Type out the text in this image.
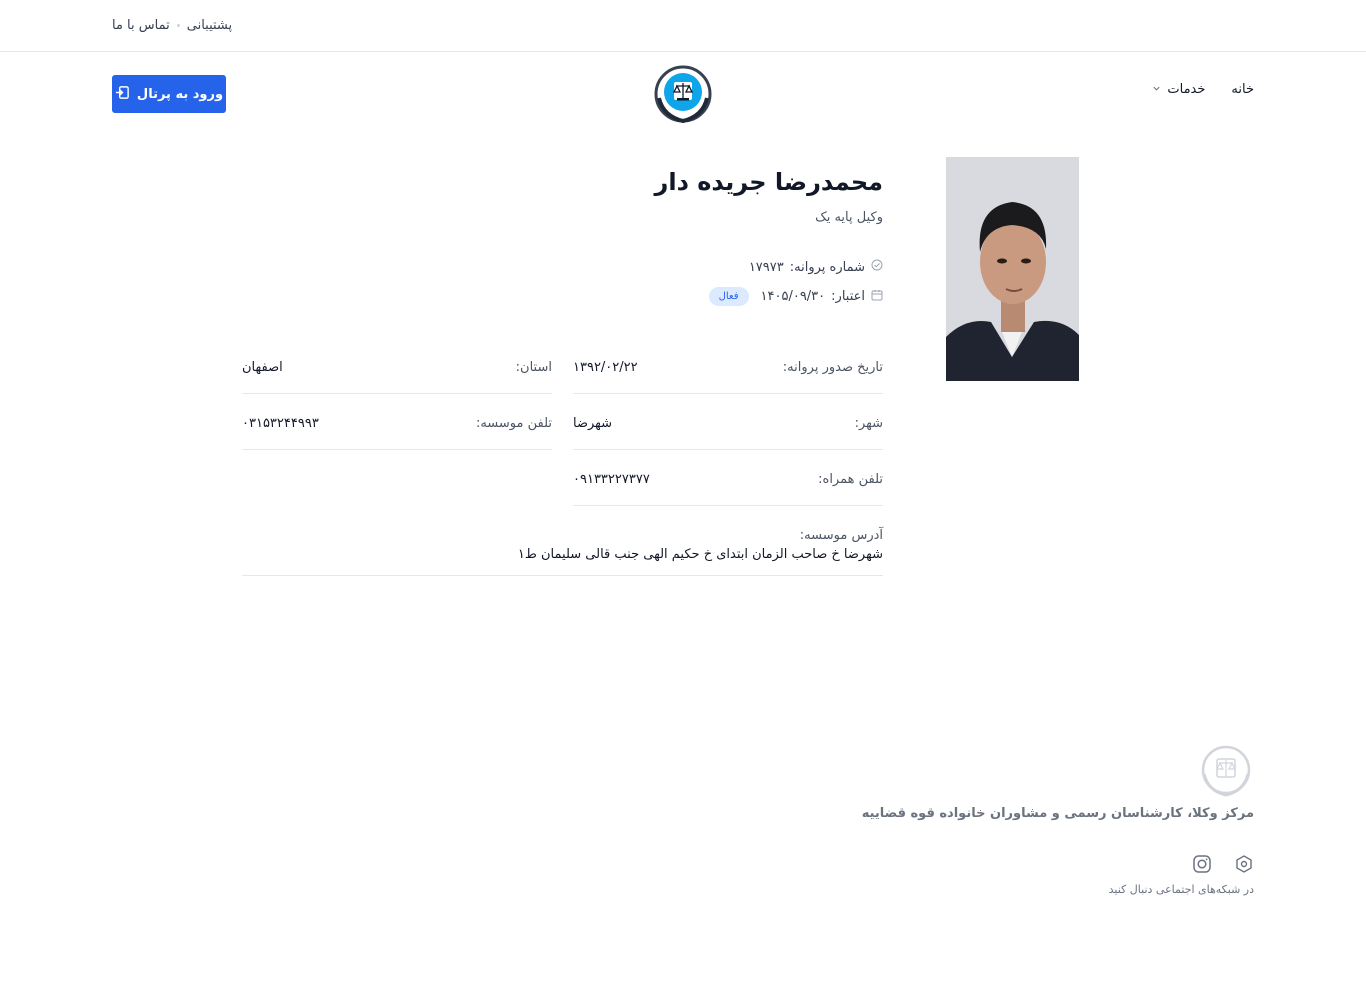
پشتیبانی
تماس با ما
ورود به پرتال	خانه
خدمات
محمدرضا جریده دار
وکیل پایه یک
شماره پروانه:
۱۷۹۷۳
اعتبار:
۱۴۰۵/۰۹/۳۰
فعال
تاریخ صدور پروانه:
۱۳۹۲/۰۲/۲۲
استان:
اصفهان
شهر:
شهرضا
تلفن موسسه:
۰۳۱۵۳۲۴۴۹۹۳
تلفن همراه:
۰۹۱۳۳۲۲۷۳۷۷
آدرس موسسه:
شهرضا خ صاحب الزمان ابتدای خ حکیم الهی جنب قالی سلیمان ط۱
مرکز وکلا، کارشناسان رسمی و مشاوران خانواده قوه قضاییه
در شبکه‌های اجتماعی دنبال کنید
